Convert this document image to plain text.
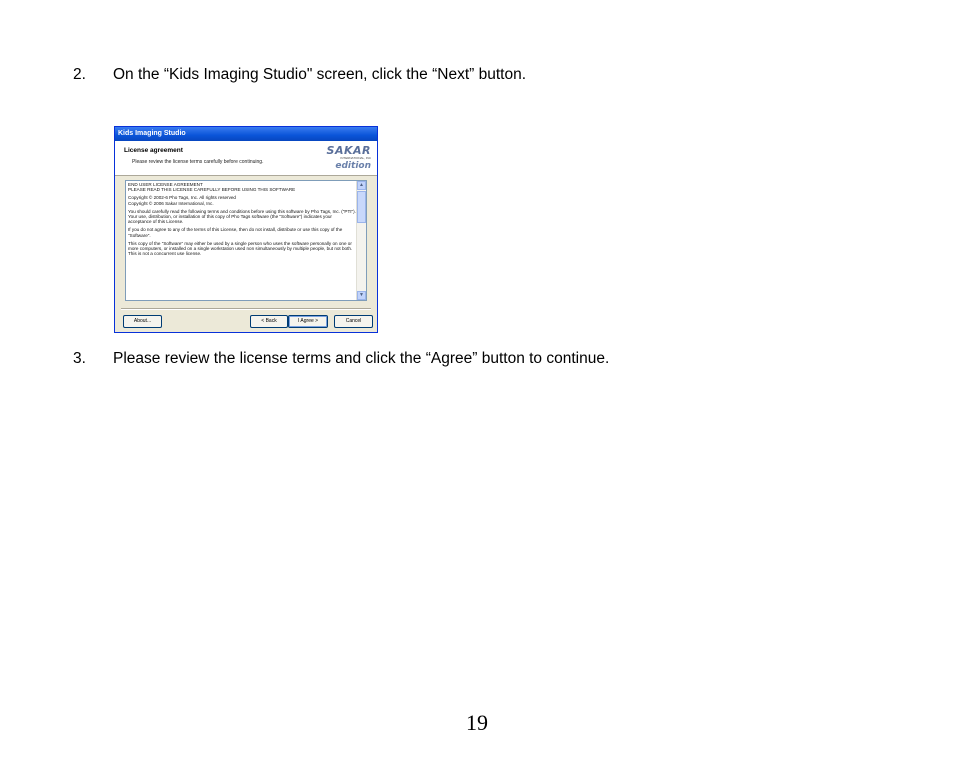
2. On the “Kids Imaging Studio" screen, click the “Next” button.
Kids Imaging Studio
License agreement
Please review the license terms carefully before continuing.
SAKAR
INTERNATIONAL, INC
edition

END USER LICENSE AGREEMENT
PLEASE READ THIS LICENSE CAREFULLY BEFORE USING THIS SOFTWARE

Copyright © 2002-6 Pho Tags, Inc. All rights reserved
Copyright © 2006 Sakar International, Inc.

You should carefully read the following terms and conditions before using this software by Pho Tags, Inc. ("PTI"). Your use, distribution, or installation of this copy of Pho Tags software (the "Software") indicates your acceptance of this License.

If you do not agree to any of the terms of this License, then do not install, distribute or use this copy of the "Software".

This copy of the "Software" may either be used by a single person who uses the software personally on one or more computers, or installed on a single workstation used non simultaneously by multiple people, but not both. This is not a concurrent use license.

▲
▼
About...	< Back	I Agree >	Cancel
3. Please review the license terms and click the “Agree” button to continue.
19
